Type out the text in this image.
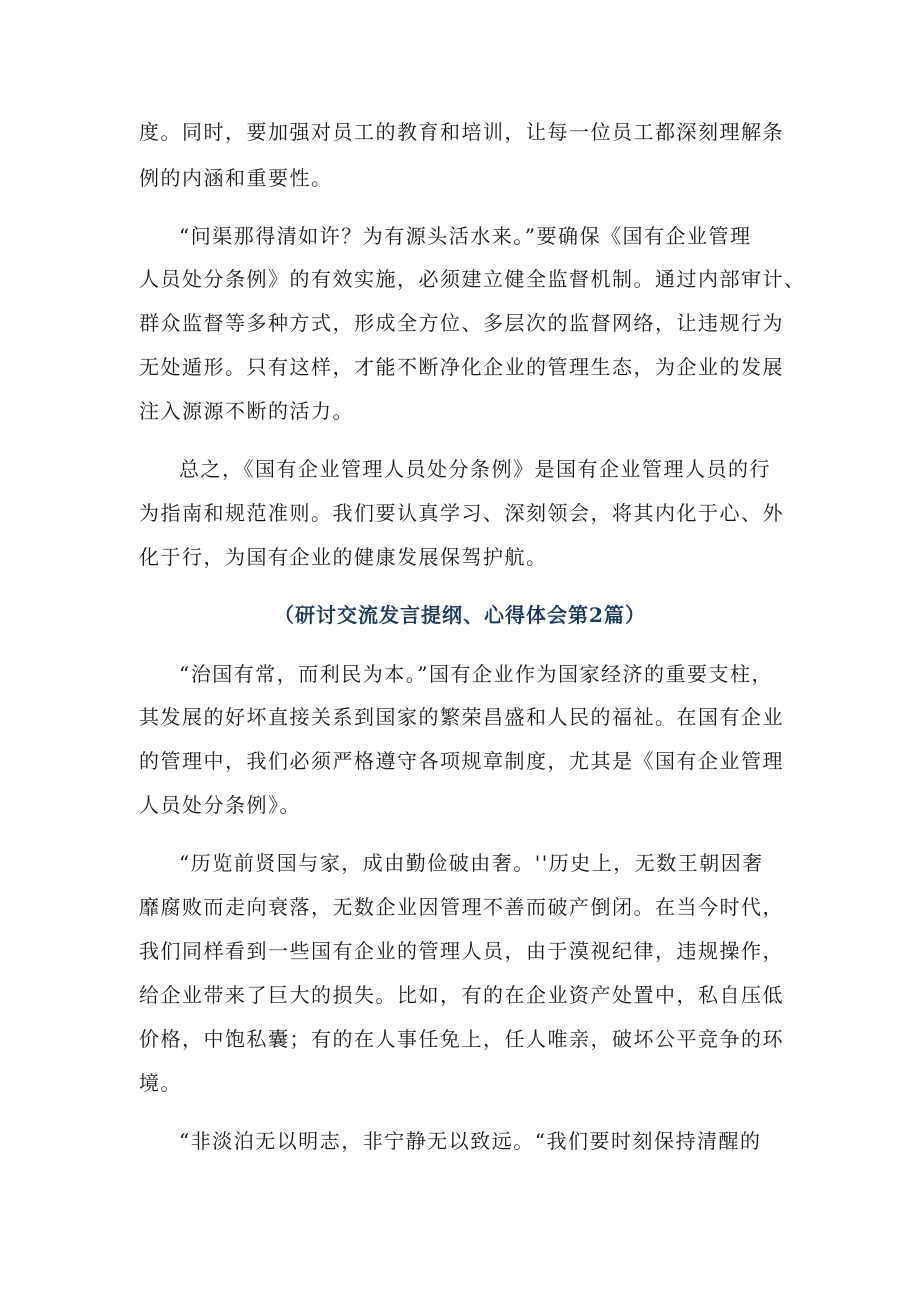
度。同时，要加强对员工的教育和培训，让每一位员工都深刻理解条
例的内涵和重要性。
“问渠那得清如许？为有源头活水来。”要确保《国有企业管理
人员处分条例》的有效实施，必须建立健全监督机制。通过内部审计、
群众监督等多种方式，形成全方位、多层次的监督网络，让违规行为
无处遁形。只有这样，才能不断净化企业的管理生态，为企业的发展
注入源源不断的活力。
总之，《国有企业管理人员处分条例》是国有企业管理人员的行
为指南和规范准则。我们要认真学习、深刻领会，将其内化于心、外
化于行，为国有企业的健康发展保驾护航。
（研讨交流发言提纲、心得体会第2篇）
“治国有常，而利民为本。”国有企业作为国家经济的重要支柱，
其发展的好坏直接关系到国家的繁荣昌盛和人民的福祉。在国有企业
的管理中，我们必须严格遵守各项规章制度，尤其是《国有企业管理
人员处分条例》。
“历览前贤国与家，成由勤俭破由奢。''历史上，无数王朝因奢
靡腐败而走向衰落，无数企业因管理不善而破产倒闭。在当今时代，
我们同样看到一些国有企业的管理人员，由于漠视纪律，违规操作，
给企业带来了巨大的损失。比如，有的在企业资产处置中，私自压低
价格，中饱私囊；有的在人事任免上，任人唯亲，破坏公平竞争的环
境。
“非淡泊无以明志，非宁静无以致远。“我们要时刻保持清醒的
